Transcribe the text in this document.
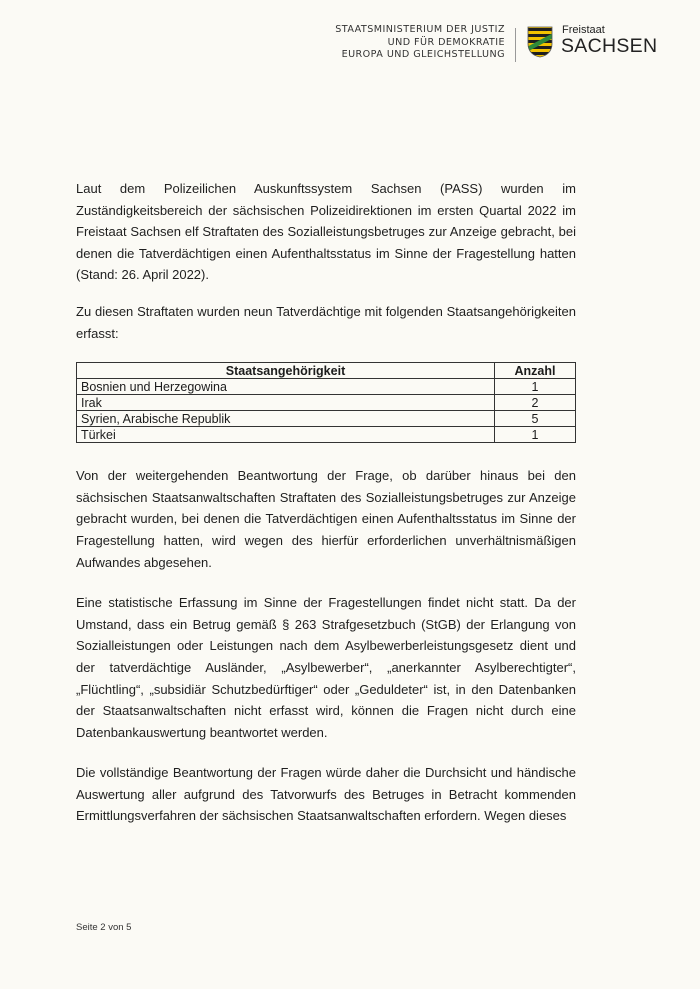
STAATSMINISTERIUM DER JUSTIZ
UND FÜR DEMOKRATIE
EUROPA UND GLEICHSTELLUNG
Freistaat
SACHSEN

Laut dem Polizeilichen Auskunftssystem Sachsen (PASS) wurden im Zuständigkeitsbereich der sächsischen Polizeidirektionen im ersten Quartal 2022 im Freistaat Sachsen elf Straftaten des Sozialleistungsbetruges zur Anzeige gebracht, bei denen die Tatverdächtigen einen Aufenthaltsstatus im Sinne der Fragestellung hatten (Stand: 26. April 2022).

Zu diesen Straftaten wurden neun Tatverdächtige mit folgenden Staatsangehörigkeiten erfasst:

Staatsangehörigkeit	Anzahl
Bosnien und Herzegowina	1
Irak	2
Syrien, Arabische Republik	5
Türkei	1

Von der weitergehenden Beantwortung der Frage, ob darüber hinaus bei den sächsischen Staatsanwaltschaften Straftaten des Sozialleistungsbetruges zur Anzeige gebracht wurden, bei denen die Tatverdächtigen einen Aufenthaltsstatus im Sinne der Fragestellung hatten, wird wegen des hierfür erforderlichen unverhältnismäßigen Aufwandes abgesehen.

Eine statistische Erfassung im Sinne der Fragestellungen findet nicht statt. Da der Umstand, dass ein Betrug gemäß § 263 Strafgesetzbuch (StGB) der Erlangung von Sozialleistungen oder Leistungen nach dem Asylbewerberleistungsgesetz dient und der tatverdächtige Ausländer, „Asylbewerber“, „anerkannter Asylberechtigter“, „Flüchtling“, „subsidiär Schutzbedürftiger“ oder „Geduldeter“ ist, in den Datenbanken der Staatsanwaltschaften nicht erfasst wird, können die Fragen nicht durch eine Datenbankauswertung beantwortet werden.

Die vollständige Beantwortung der Fragen würde daher die Durchsicht und händische Auswertung aller aufgrund des Tatvorwurfs des Betruges in Betracht kommenden Ermittlungsverfahren der sächsischen Staatsanwaltschaften erfordern. Wegen dieses

Seite 2 von 5
